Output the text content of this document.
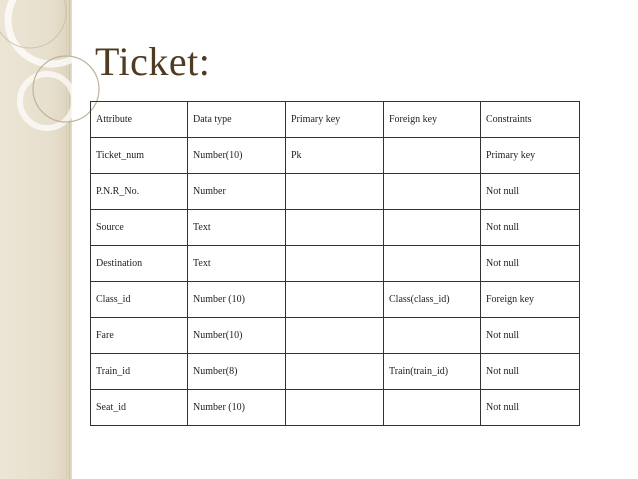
Ticket:
Attribute	Data type	Primary key	Foreign key	Constraints
Ticket_num	Number(10)	Pk		Primary key
P.N.R_No.	Number			Not null
Source	Text			Not null
Destination	Text			Not null
Class_id	Number (10)		Class(class_id)	Foreign key
Fare	Number(10)			Not null
Train_id	Number(8)		Train(train_id)	Not null
Seat_id	Number (10)			Not null
